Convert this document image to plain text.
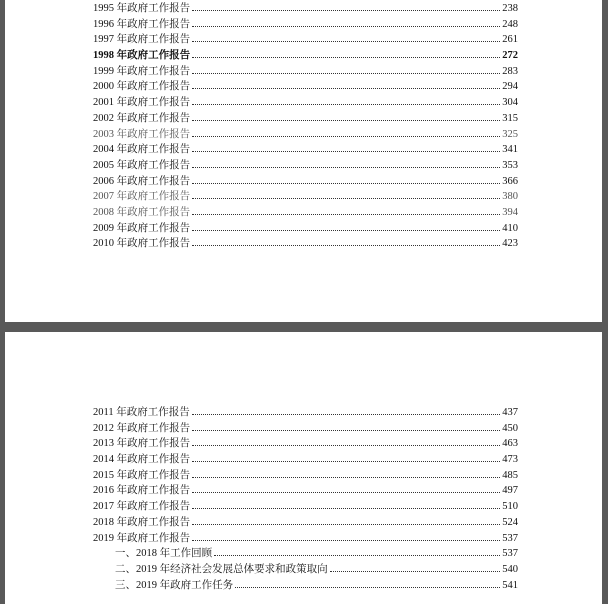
1995 年政府工作报告	238
1996 年政府工作报告	248
1997 年政府工作报告	261
1998 年政府工作报告	272
1999 年政府工作报告	283
2000 年政府工作报告	294
2001 年政府工作报告	304
2002 年政府工作报告	315
2003 年政府工作报告	325
2004 年政府工作报告	341
2005 年政府工作报告	353
2006 年政府工作报告	366
2007 年政府工作报告	380
2008 年政府工作报告	394
2009 年政府工作报告	410
2010 年政府工作报告	423
2011 年政府工作报告	437
2012 年政府工作报告	450
2013 年政府工作报告	463
2014 年政府工作报告	473
2015 年政府工作报告	485
2016 年政府工作报告	497
2017 年政府工作报告	510
2018 年政府工作报告	524
2019 年政府工作报告	537
一、2018 年工作回顾	537
二、2019 年经济社会发展总体要求和政策取向	540
三、2019 年政府工作任务	541
